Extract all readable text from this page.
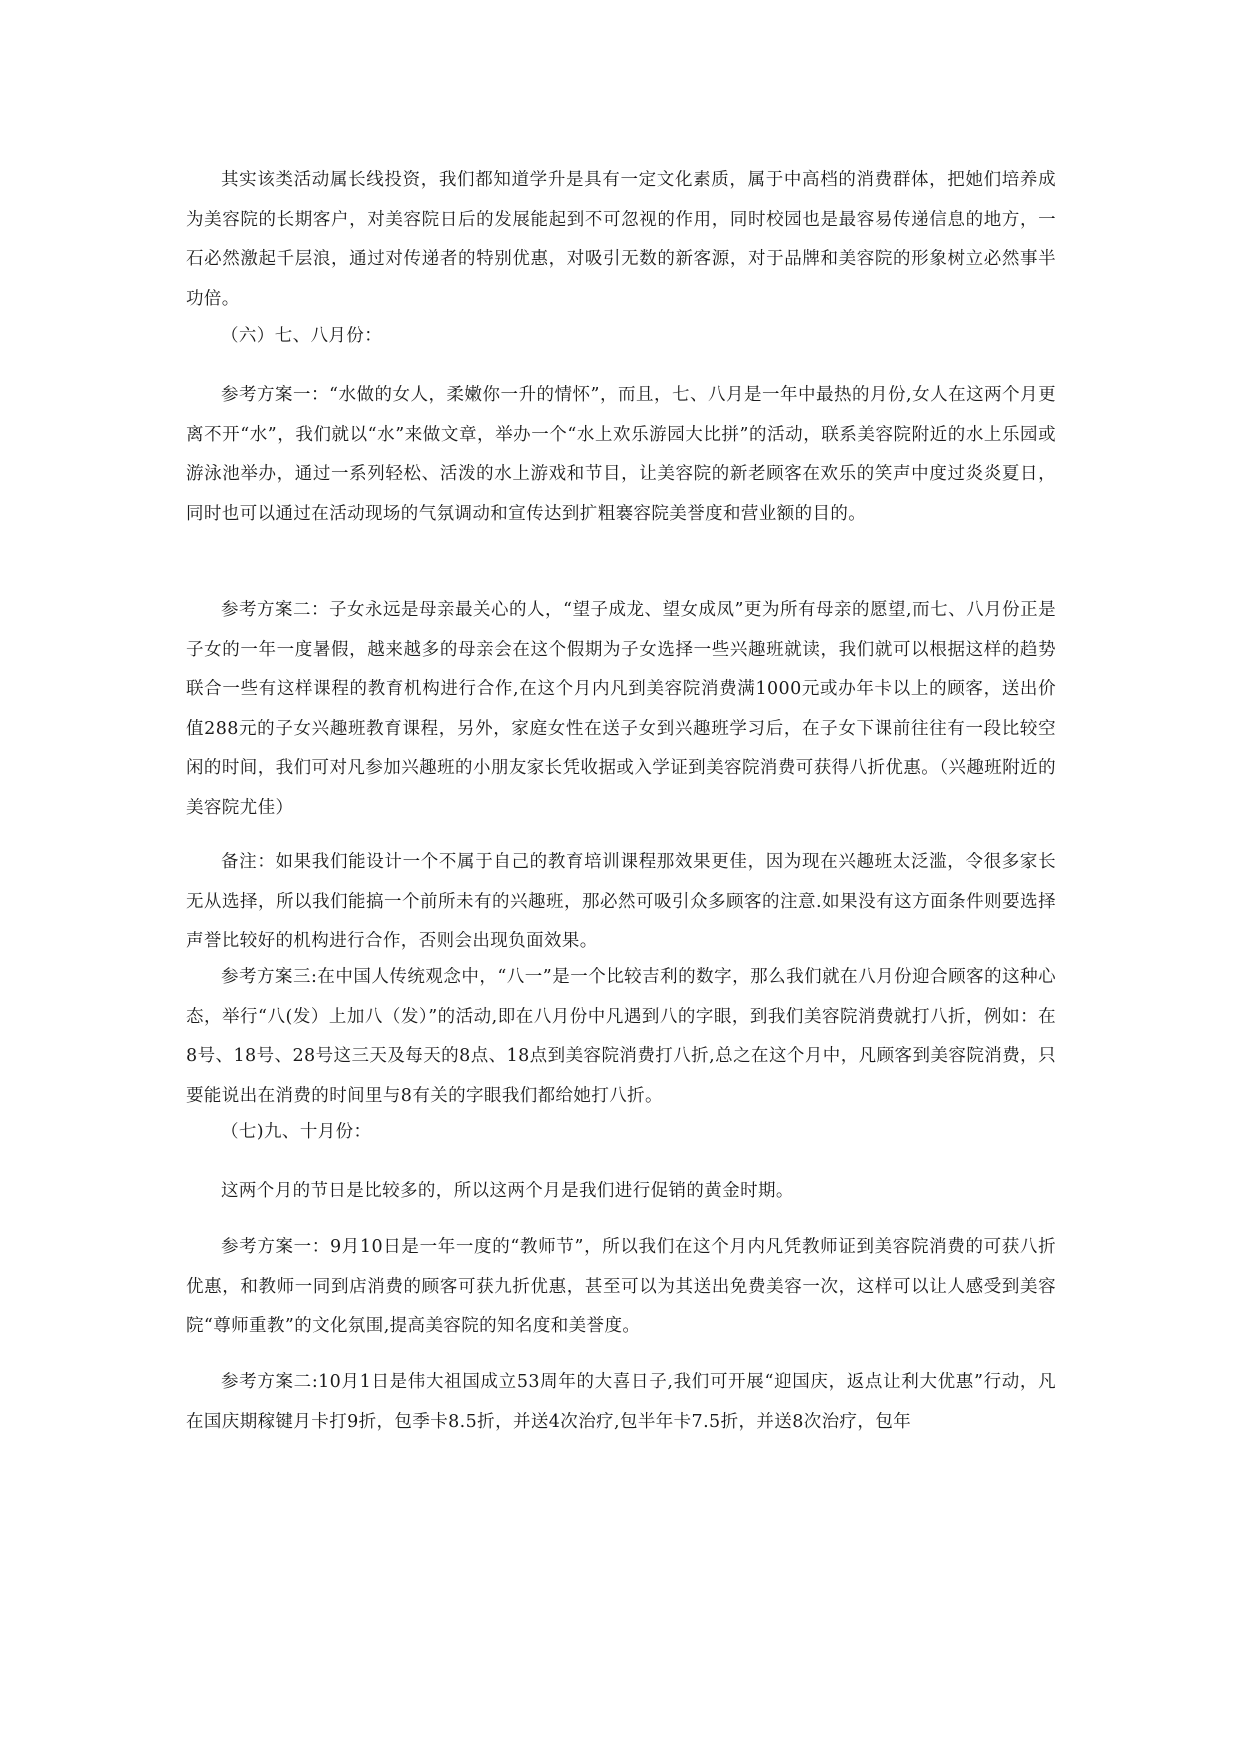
其实该类活动属长线投资，我们都知道学升是具有一定文化素质，属于中高档的消费群体，把她们培养成为美容院的长期客户，对美容院日后的发展能起到不可忽视的作用，同时校园也是最容易传递信息的地方，一石必然激起千层浪，通过对传递者的特别优惠，对吸引无数的新客源，对于品牌和美容院的形象树立必然事半功倍。

（六）七、八月份：

参考方案一：“水做的女人，柔嫩你一升的情怀”，而且，七、八月是一年中最热的月份,女人在这两个月更离不开“水”，我们就以“水”来做文章，举办一个“水上欢乐游园大比拼”的活动，联系美容院附近的水上乐园或游泳池举办，通过一系列轻松、活泼的水上游戏和节目，让美容院的新老顾客在欢乐的笑声中度过炎炎夏日，同时也可以通过在活动现场的气氛调动和宣传达到扩粗褰容院美誉度和营业额的目的。

参考方案二：子女永远是母亲最关心的人，“望子成龙、望女成凤”更为所有母亲的愿望,而七、八月份正是子女的一年一度暑假，越来越多的母亲会在这个假期为子女选择一些兴趣班就读，我们就可以根据这样的趋势联合一些有这样课程的教育机构进行合作,在这个月内凡到美容院消费满1000元或办年卡以上的顾客，送出价值288元的子女兴趣班教育课程，另外，家庭女性在送子女到兴趣班学习后，在子女下课前往往有一段比较空闲的时间，我们可对凡参加兴趣班的小朋友家长凭收据或入学证到美容院消费可获得八折优惠。（兴趣班附近的美容院尤佳）

备注：如果我们能设计一个不属于自己的教育培训课程那效果更佳，因为现在兴趣班太泛滥，令很多家长无从选择，所以我们能搞一个前所未有的兴趣班，那必然可吸引众多顾客的注意.如果没有这方面条件则要选择声誉比较好的机构进行合作，否则会出现负面效果。

参考方案三:在中国人传统观念中，“八一”是一个比较吉利的数字，那么我们就在八月份迎合顾客的这种心态，举行“八(发）上加八（发）”的活动,即在八月份中凡遇到八的字眼，到我们美容院消费就打八折，例如：在8号、18号、28号这三天及每天的8点、18点到美容院消费打八折,总之在这个月中，凡顾客到美容院消费，只要能说出在消费的时间里与8有关的字眼我们都给她打八折。

（七)九、十月份：

这两个月的节日是比较多的，所以这两个月是我们进行促销的黄金时期。

参考方案一：9月10日是一年一度的“教师节”，所以我们在这个月内凡凭教师证到美容院消费的可获八折优惠，和教师一同到店消费的顾客可获九折优惠，甚至可以为其送出免费美容一次，这样可以让人感受到美容院“尊师重教”的文化氛围,提高美容院的知名度和美誉度。

参考方案二:10月1日是伟大祖国成立53周年的大喜日子,我们可开展“迎国庆，返点让利大优惠”行动，凡在国庆期稼键月卡打9折，包季卡8.5折，并送4次治疗,包半年卡7.5折，并送8次治疗，包年
